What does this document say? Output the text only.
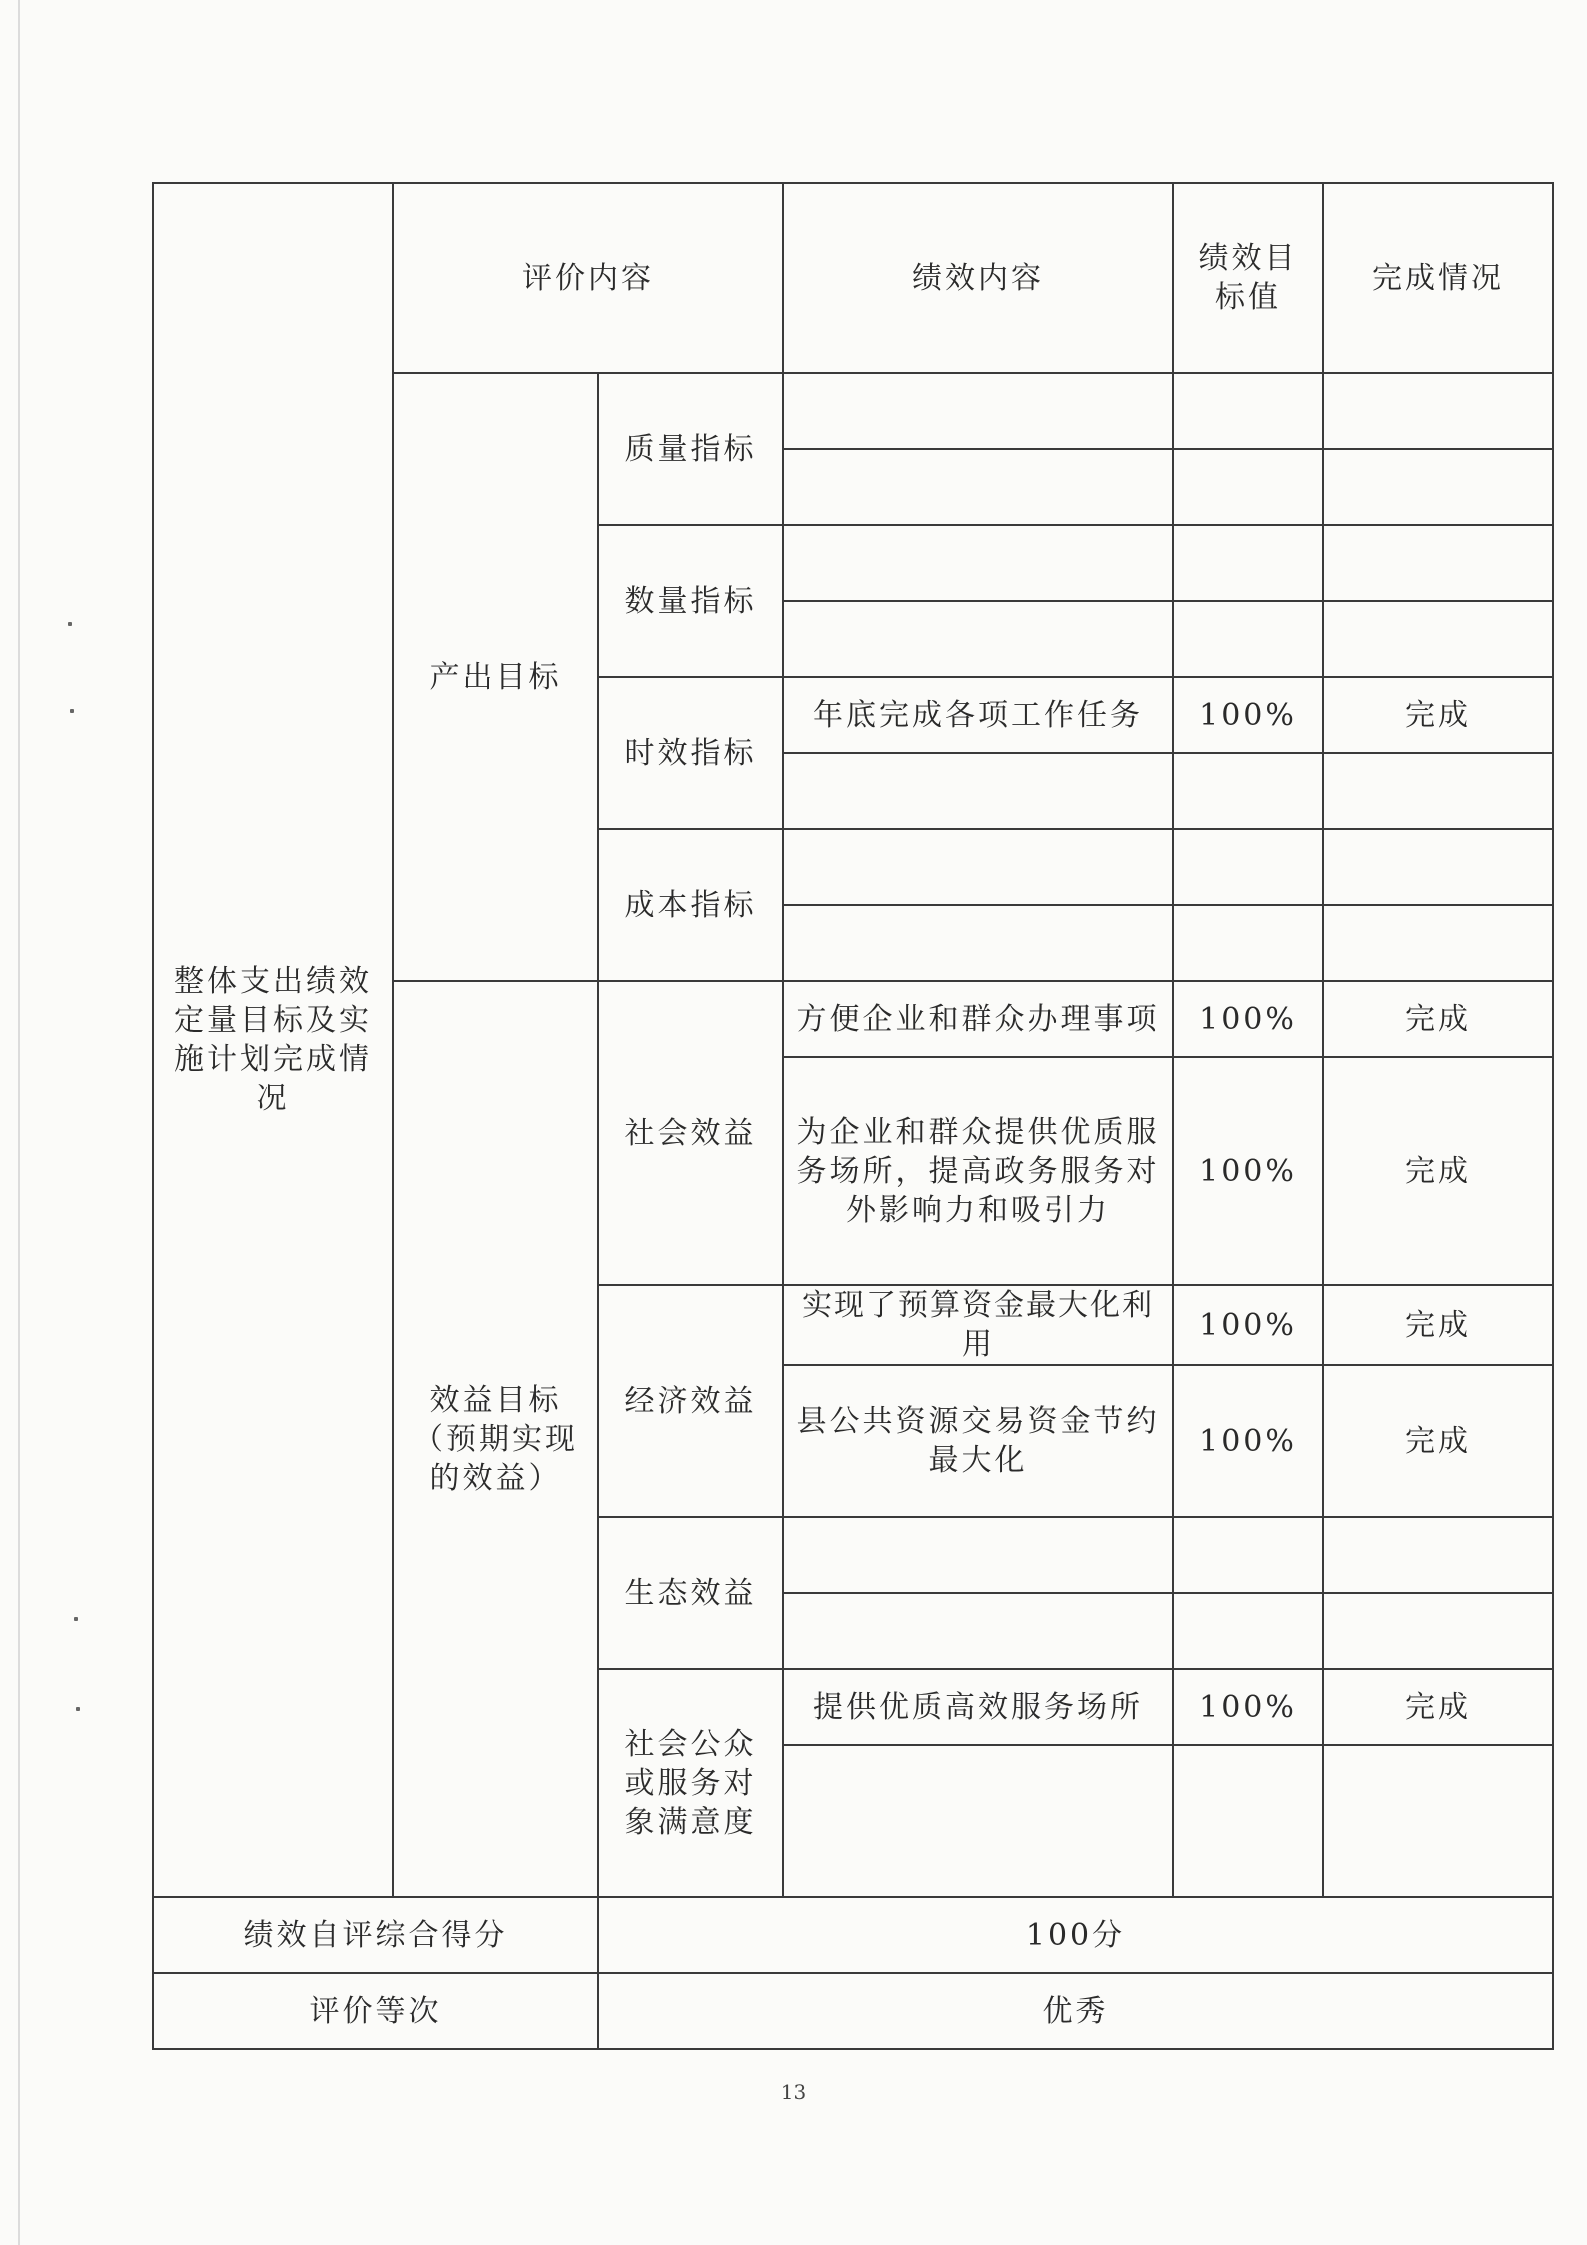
整体支出绩效定量目标及实施计划完成情况	评价内容		绩效内容	绩效目标值	完成情况
	产出目标	质量指标			

		数量指标			

		时效指标	年底完成各项工作任务	100%	完成

		成本指标			

	效益目标（预期实现的效益）	社会效益	方便企业和群众办理事项	100%	完成
			为企业和群众提供优质服务场所，提高政务服务对外影响力和吸引力	100%	完成
		经济效益	实现了预算资金最大化利用	100%	完成
			县公共资源交易资金节约最大化	100%	完成
		生态效益			

		社会公众或服务对象满意度	提供优质高效服务场所	100%	完成

绩效自评综合得分		100分			
评价等次		优秀			
13
